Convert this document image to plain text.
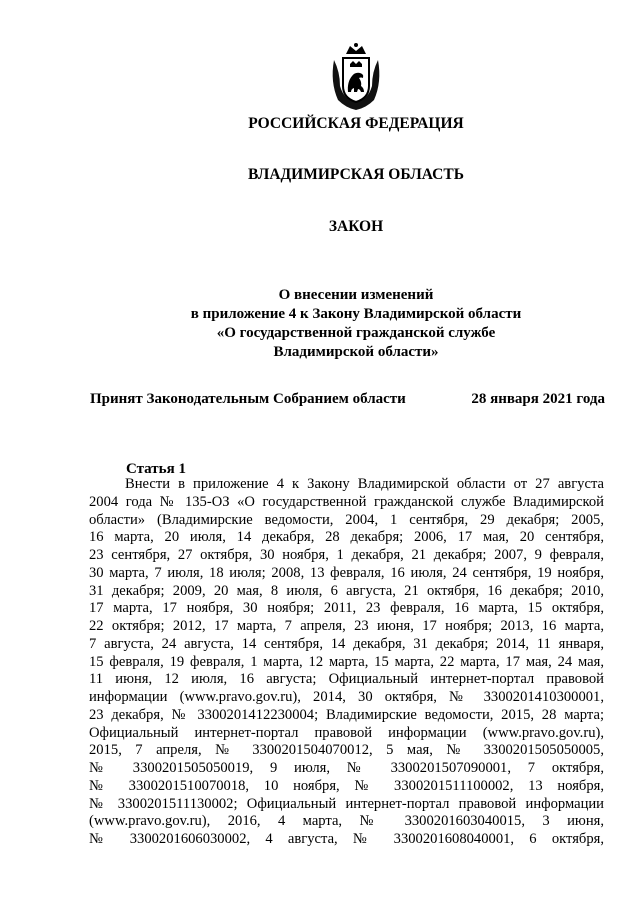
РОССИЙСКАЯ ФЕДЕРАЦИЯ
ВЛАДИМИРСКАЯ ОБЛАСТЬ
ЗАКОН
О внесении изменений
в приложение 4 к Закону Владимирской области
«О государственной гражданской службе
Владимирской области»
Принят Законодательным Собранием области	28 января 2021 года
Статья 1
Внести в приложение 4 к Закону Владимирской области от 27 августа
2004 года № 135-ОЗ «О государственной гражданской службе Владимирской
области» (Владимирские ведомости, 2004, 1 сентября, 29 декабря; 2005,
16 марта, 20 июля, 14 декабря, 28 декабря; 2006, 17 мая, 20 сентября,
23 сентября, 27 октября, 30 ноября, 1 декабря, 21 декабря; 2007, 9 февраля,
30 марта, 7 июля, 18 июля; 2008, 13 февраля, 16 июля, 24 сентября, 19 ноября,
31 декабря; 2009, 20 мая, 8 июля, 6 августа, 21 октября, 16 декабря; 2010,
17 марта, 17 ноября, 30 ноября; 2011, 23 февраля, 16 марта, 15 октября,
22 октября; 2012, 17 марта, 7 апреля, 23 июня, 17 ноября; 2013, 16 марта,
7 августа, 24 августа, 14 сентября, 14 декабря, 31 декабря; 2014, 11 января,
15 февраля, 19 февраля, 1 марта, 12 марта, 15 марта, 22 марта, 17 мая, 24 мая,
11 июня, 12 июля, 16 августа; Официальный интернет-портал правовой
информации (www.pravo.gov.ru), 2014, 30 октября, № 3300201410300001,
23 декабря, № 3300201412230004; Владимирские ведомости, 2015, 28 марта;
Официальный интернет-портал правовой информации (www.pravo.gov.ru),
2015, 7 апреля, № 3300201504070012, 5 мая, № 3300201505050005,
№ 3300201505050019, 9 июля, № 3300201507090001, 7 октября,
№ 3300201510070018, 10 ноября, № 3300201511100002, 13 ноября,
№ 3300201511130002; Официальный интернет-портал правовой информации
(www.pravo.gov.ru), 2016, 4 марта, № 3300201603040015, 3 июня,
№ 3300201606030002, 4 августа, № 3300201608040001, 6 октября,
